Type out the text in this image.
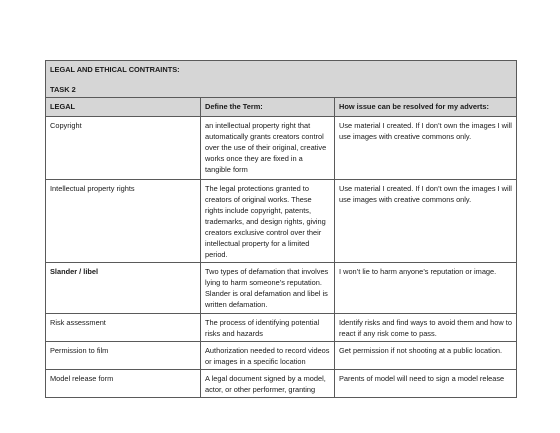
LEGAL AND ETHICAL CONTRAINTS:
TASK 2		

LEGAL	Define the Term:	How issue can be resolved for my adverts:
Copyright	an intellectual property right that automatically grants creators control over the use of their original, creative works once they are fixed in a tangible form	Use material I created. If I don’t own the images I will use images with creative commons only.
Intellectual property rights	The legal protections granted to creators of original works. These rights include copyright, patents, trademarks, and design rights, giving creators exclusive control over their intellectual property for a limited period.	Use material I created. If I don’t own the images I will use images with creative commons only.
Slander / libel	Two types of defamation that involves lying to harm someone’s reputation. Slander is oral defamation and libel is written defamation.	I won’t lie to harm anyone’s reputation or image.
Risk assessment	The process of identifying potential risks and hazards	Identify risks and find ways to avoid them and how to react if any risk come to pass.
Permission to film	Authorization needed to record videos or images in a specific location	Get permission if not shooting at a public location.
Model release form	A legal document signed by a model, actor, or other performer, granting	Parents of model will need to sign a model release
